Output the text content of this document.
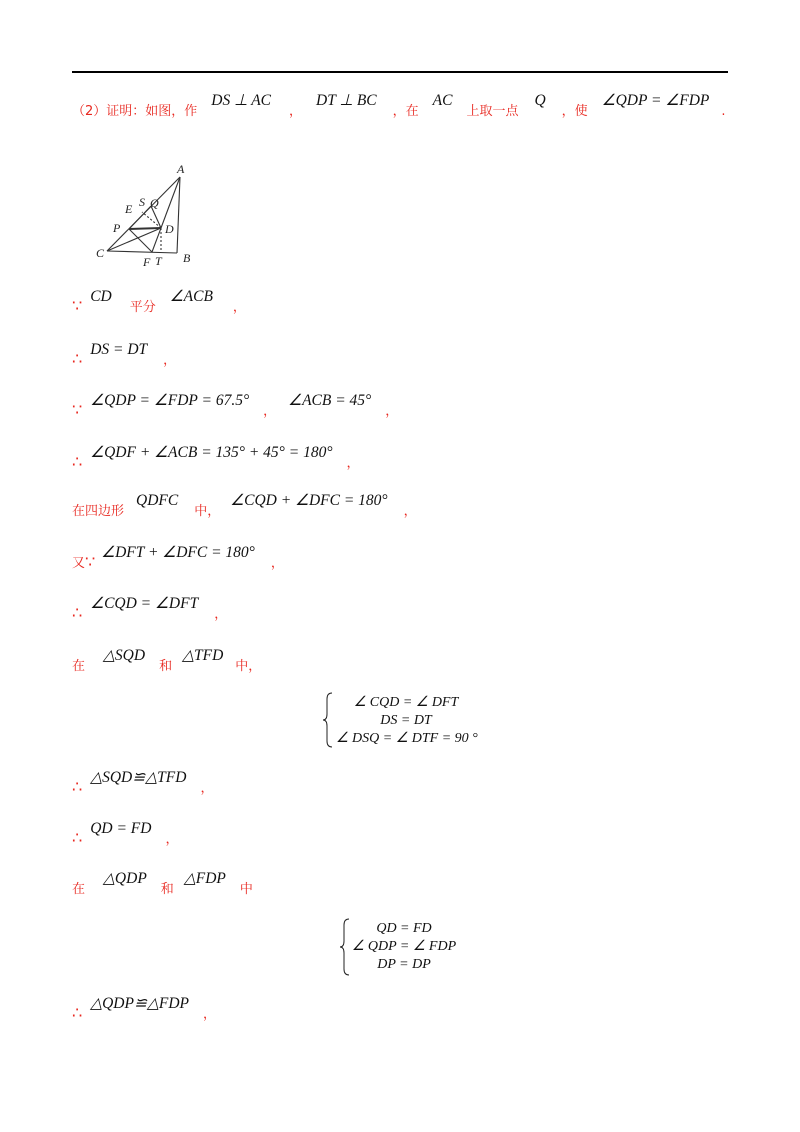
（2）证明：如图，作 DS ⊥ AC ， DT ⊥ BC ，在 AC 上取一点 Q ，使 ∠QDP = ∠FDP .
A
B
C
D
E
P
S Q
F T
∵ CD 平分 ∠ACB ，
∴ DS = DT ，
∵ ∠QDP = ∠FDP = 67.5° ， ∠ACB = 45° ，
∴ ∠QDF + ∠ACB = 135° + 45° = 180° ，
在四边形 QDFC 中， ∠CQD + ∠DFC = 180° ，
又∵ ∠DFT + ∠DFC = 180° ，
∴ ∠CQD = ∠DFT ，
在 △SQD 和 △TFD 中，
∠ CQD = ∠ DFT
DS = DT
∠ DSQ = ∠ DTF = 90 °
∴ △SQD≌△TFD ，
∴ QD = FD ，
在 △QDP 和 △FDP 中
QD = FD
∠ QDP = ∠ FDP
DP = DP
∴ △QDP≌△FDP ，
